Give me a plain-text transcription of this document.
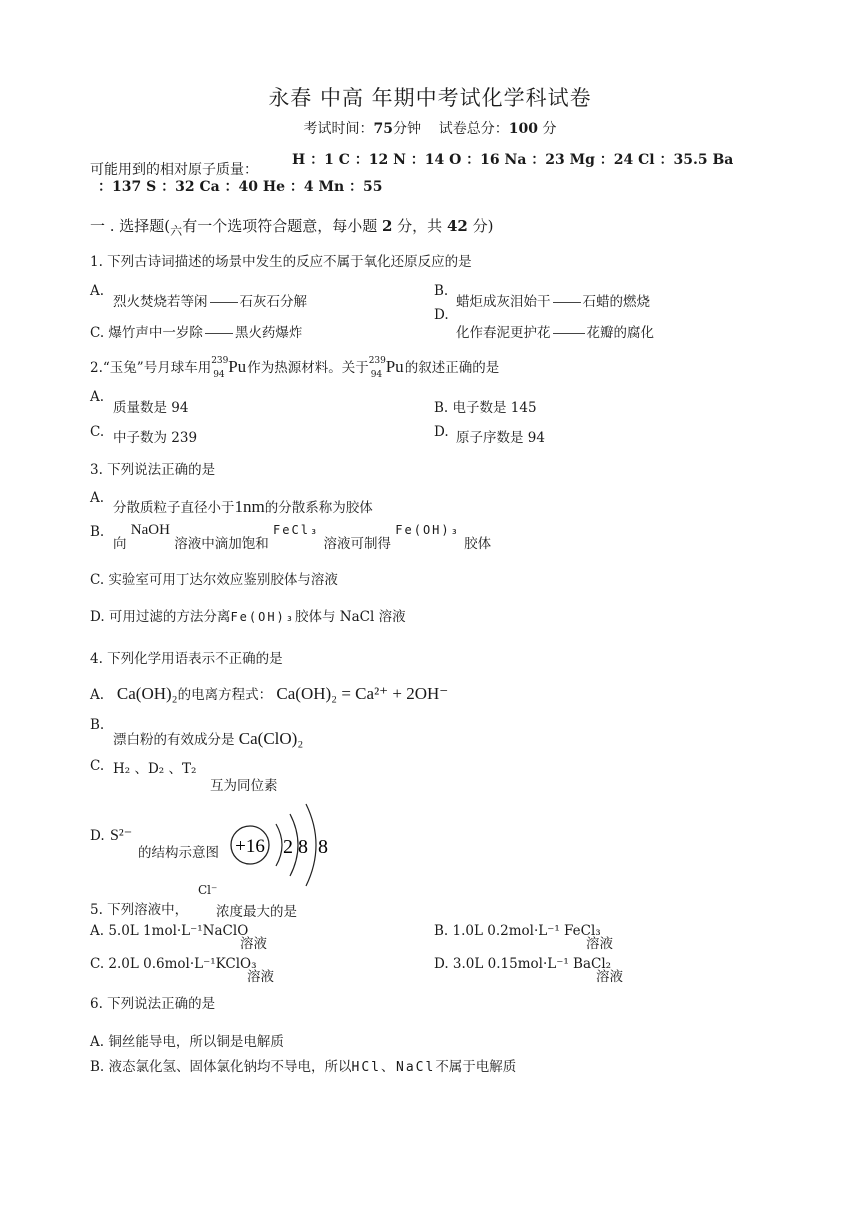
永春 中高 年期中考试化学科试卷
考试时间：75分钟 试卷总分：100 分
可能用到的相对原子质量：
H ：1 C ：12 N ：14 O ：16 Na ：23 Mg ：24 Cl ：35.5 Ba
：137 S ：32 Ca ：40 He ：4 Mn ：55
一 . 选择题($_六$有一个选项符合题意，每小题 2 分，共 42 分)
1. 下列古诗词描述的场景中发生的反应不属于氧化还原反应的是
A.
烈火焚烧若等闲 石灰石分解
B.
蜡炬成灰泪始干 石蜡的燃烧
C. 爆竹声中一岁除 黑火药爆炸
D.
化作春泥更护花	花瓣的腐化
2.“玉兔”号月球车用 239
94 Pu 作为热源材料。关于 239
94 Pu 的叙述正确的是
A.
质量数是 94	B. 电子数是 145
C. 中子数为 239	D. 原子序数是 94
3. 下列说法正确的是
A.
分散质粒子直径小于1nm的分散系称为胶体
B.
向 NaOH 溶液中滴加饱和 FeCl₃ 溶液可制得 Fe(OH)₃ 胶体
C. 实验室可用丁达尔效应鉴别胶体与溶液
D. 可用过滤的方法分离Fe(OH)₃胶体与 NaCl 溶液
4. 下列化学用语表示不正确的是
A. Ca(OH)₂的电离方程式： Ca(OH)₂ = Ca²⁺ + 2OH⁻
B.
漂白粉的有效成分是 Ca(ClO)₂
C. H₂ 、D₂ 、T₂
互为同位素
D. S²⁻
的结构示意图 +16 2 8 8
5. 下列溶液中，
Cl⁻
浓度最大的是
A. 5.0L 1mol·L⁻¹NaClO
溶液
B. 1.0L 0.2mol·L⁻¹ FeCl₃
溶液
C. 2.0L 0.6mol·L⁻¹KClO₃
溶液
D. 3.0L 0.15mol·L⁻¹ BaCl₂
溶液
6. 下列说法正确的是
A. 铜丝能导电，所以铜是电解质
B. 液态氯化氢、固体氯化钠均不导电，所以HCl、NaCl不属于电解质
